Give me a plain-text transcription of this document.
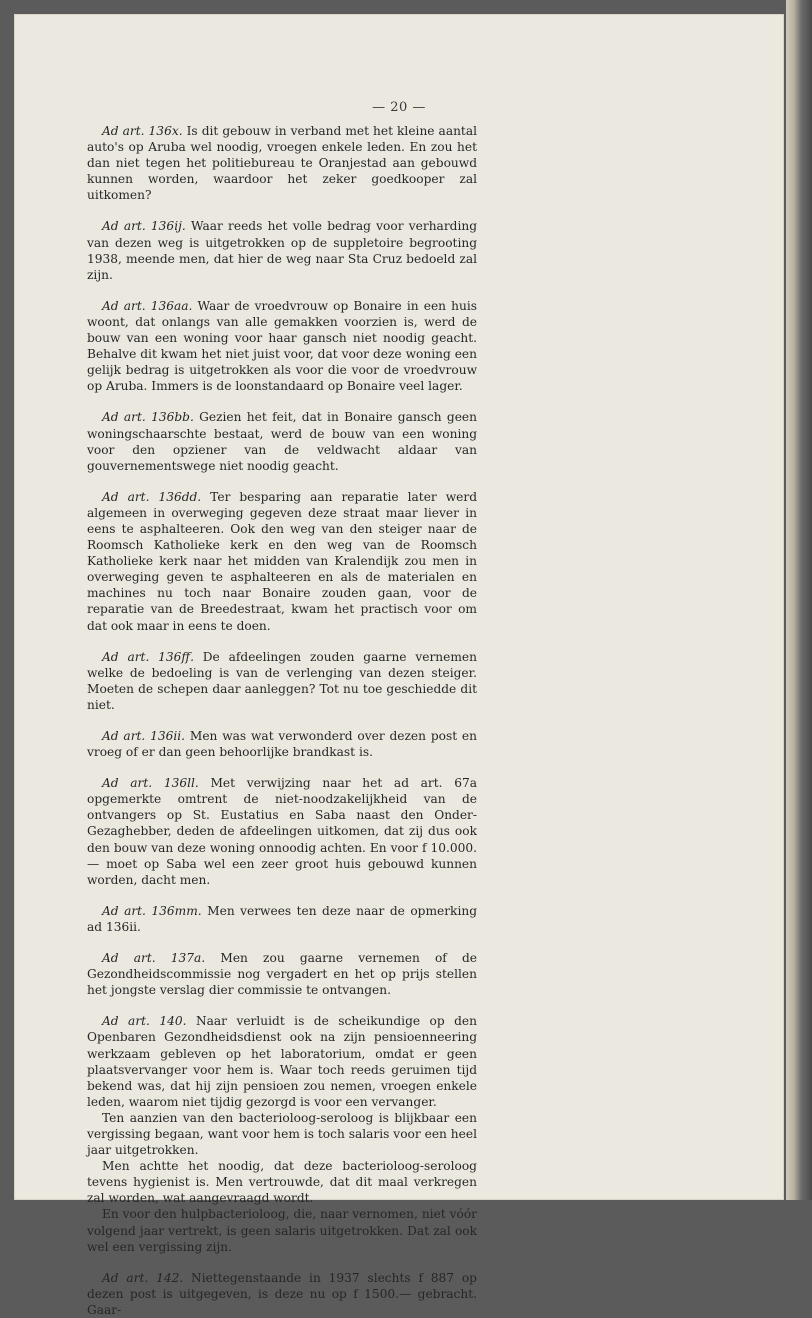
— 20 —

Ad art. 136x. Is dit gebouw in verband met het kleine aantal auto's op Aruba wel noodig, vroegen enkele leden. En zou het dan niet tegen het politiebureau te Oranjestad aan gebouwd kunnen worden, waardoor het zeker goedkooper zal uitkomen?

Ad art. 136ij. Waar reeds het volle bedrag voor verharding van dezen weg is uitgetrokken op de suppletoire begrooting 1938, meende men, dat hier de weg naar Sta Cruz bedoeld zal zijn.

Ad art. 136aa. Waar de vroedvrouw op Bonaire in een huis woont, dat onlangs van alle gemakken voorzien is, werd de bouw van een woning voor haar gansch niet noodig geacht. Behalve dit kwam het niet juist voor, dat voor deze woning een gelijk bedrag is uitgetrokken als voor die voor de vroedvrouw op Aruba. Immers is de loonstandaard op Bonaire veel lager.

Ad art. 136bb. Gezien het feit, dat in Bonaire gansch geen woningschaarschte bestaat, werd de bouw van een woning voor den opziener van de veldwacht aldaar van gouvernementswege niet noodig geacht.

Ad art. 136dd. Ter besparing aan reparatie later werd algemeen in overweging gegeven deze straat maar liever in eens te asphalteeren. Ook den weg van den steiger naar de Roomsch Katholieke kerk en den weg van de Roomsch Katholieke kerk naar het midden van Kralendijk zou men in overweging geven te asphalteeren en als de materialen en machines nu toch naar Bonaire zouden gaan, voor de reparatie van de Breedestraat, kwam het practisch voor om dat ook maar in eens te doen.

Ad art. 136ff. De afdeelingen zouden gaarne vernemen welke de bedoeling is van de verlenging van dezen steiger. Moeten de schepen daar aanleggen? Tot nu toe geschiedde dit niet.

Ad art. 136ii. Men was wat verwonderd over dezen post en vroeg of er dan geen behoorlijke brandkast is.

Ad art. 136ll. Met verwijzing naar het ad art. 67a opgemerkte omtrent de niet-noodzakelijkheid van de ontvangers op St. Eustatius en Saba naast den Onder-Gezaghebber, deden de afdeelingen uitkomen, dat zij dus ook den bouw van deze woning onnoodig achten. En voor f 10.000.— moet op Saba wel een zeer groot huis gebouwd kunnen worden, dacht men.

Ad art. 136mm. Men verwees ten deze naar de opmerking ad 136ii.

Ad art. 137a. Men zou gaarne vernemen of de Gezondheidscommissie nog vergadert en het op prijs stellen het jongste verslag dier commissie te ontvangen.

Ad art. 140. Naar verluidt is de scheikundige op den Openbaren Gezondheidsdienst ook na zijn pensioenneering werkzaam gebleven op het laboratorium, omdat er geen plaatsvervanger voor hem is. Waar toch reeds geruimen tijd bekend was, dat hij zijn pensioen zou nemen, vroegen enkele leden, waarom niet tijdig gezorgd is voor een vervanger.

Ten aanzien van den bacterioloog-seroloog is blijkbaar een vergissing begaan, want voor hem is toch salaris voor een heel jaar uitgetrokken.

Men achtte het noodig, dat deze bacterioloog-seroloog tevens hygienist is. Men vertrouwde, dat dit maal verkregen zal worden, wat aangevraagd wordt.

En voor den hulpbacterioloog, die, naar vernomen, niet vóór volgend jaar vertrekt, is geen salaris uitgetrokken. Dat zal ook wel een vergissing zijn.

Ad art. 142. Niettegenstaande in 1937 slechts f 887 op dezen post is uitgegeven, is deze nu op f 1500.— gebracht. Gaar-
